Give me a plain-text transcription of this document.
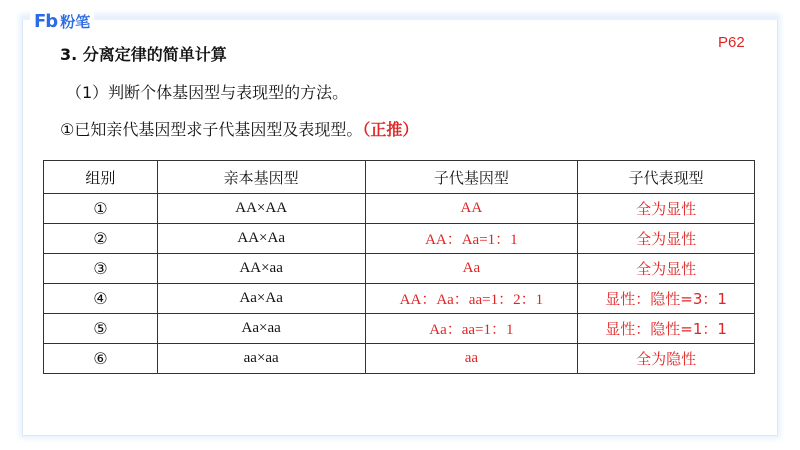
Fb 粉笔
P62
3. 分离定律的简单计算
（1）判断个体基因型与表现型的方法。
①已知亲代基因型求子代基因型及表现型。（正推）
组别	亲本基因型	子代基因型	子代表现型
①	AA×AA	AA	全为显性
②	AA×Aa	AA：Aa=1：1	全为显性
③	AA×aa	Aa	全为显性
④	Aa×Aa	AA：Aa：aa=1：2：1	显性：隐性=3：1
⑤	Aa×aa	Aa：aa=1：1	显性：隐性=1：1
⑥	aa×aa	aa	全为隐性
